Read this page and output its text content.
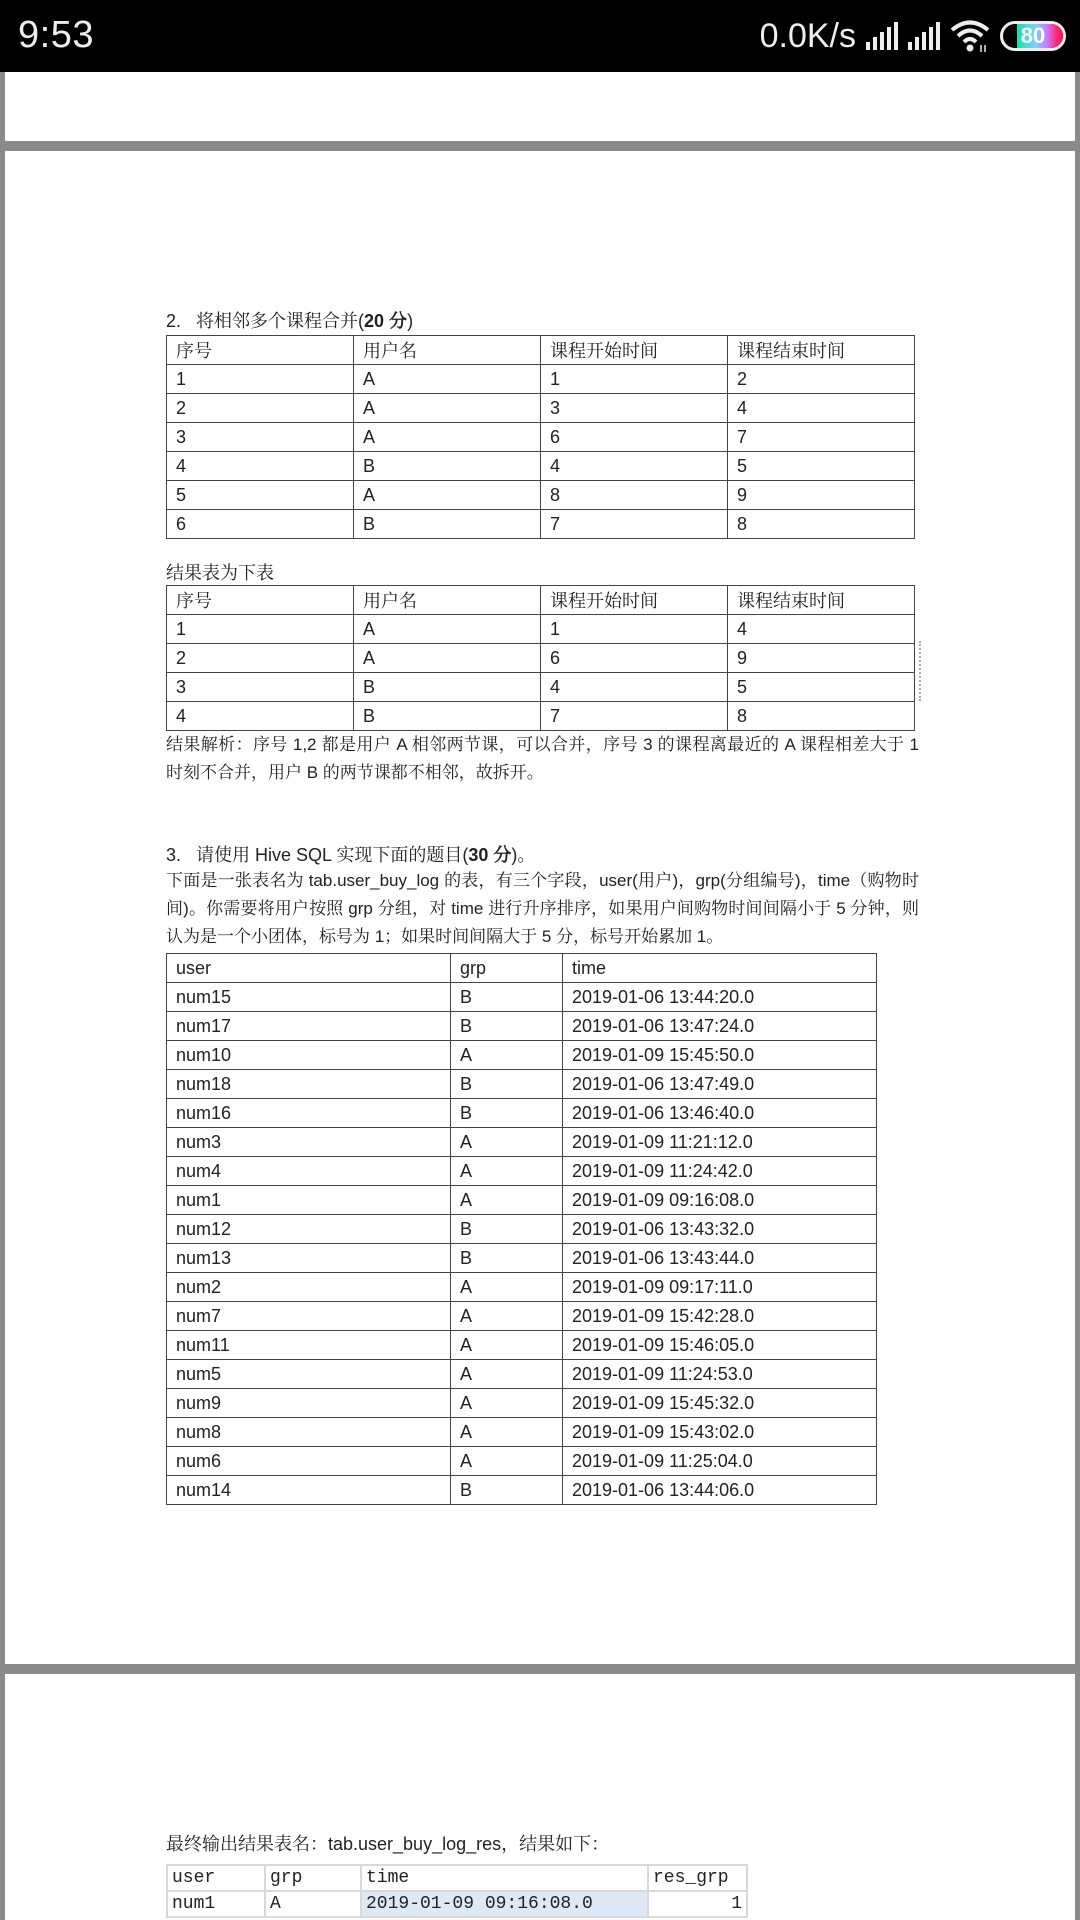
9:53	0.0K/s	80
2. 将相邻多个课程合并(20 分)
序号	用户名	课程开始时间	课程结束时间
1	A	1	2
2	A	3	4
3	A	6	7
4	B	4	5
5	A	8	9
6	B	7	8
结果表为下表
序号	用户名	课程开始时间	课程结束时间
1	A	1	4
2	A	6	9
3	B	4	5
4	B	7	8
结果解析：序号 1,2 都是用户 A 相邻两节课，可以合并，序号 3 的课程离最近的 A 课程相差大于 1 时刻不合并，用户 B 的两节课都不相邻，故拆开。
3. 请使用 Hive SQL 实现下面的题目(30 分)。
下面是一张表名为 tab.user_buy_log 的表，有三个字段，user(用户)，grp(分组编号)，time（购物时间)。你需要将用户按照 grp 分组，对 time 进行升序排序，如果用户间购物时间间隔小于 5 分钟，则认为是一个小团体，标号为 1；如果时间间隔大于 5 分，标号开始累加 1。
user	grp	time
num15	B	2019-01-06 13:44:20.0
num17	B	2019-01-06 13:47:24.0
num10	A	2019-01-09 15:45:50.0
num18	B	2019-01-06 13:47:49.0
num16	B	2019-01-06 13:46:40.0
num3	A	2019-01-09 11:21:12.0
num4	A	2019-01-09 11:24:42.0
num1	A	2019-01-09 09:16:08.0
num12	B	2019-01-06 13:43:32.0
num13	B	2019-01-06 13:43:44.0
num2	A	2019-01-09 09:17:11.0
num7	A	2019-01-09 15:42:28.0
num11	A	2019-01-09 15:46:05.0
num5	A	2019-01-09 11:24:53.0
num9	A	2019-01-09 15:45:32.0
num8	A	2019-01-09 15:43:02.0
num6	A	2019-01-09 11:25:04.0
num14	B	2019-01-06 13:44:06.0
最终输出结果表名：tab.user_buy_log_res，结果如下：
user	grp	time	res_grp
num1	A	2019-01-09 09:16:08.0	1
